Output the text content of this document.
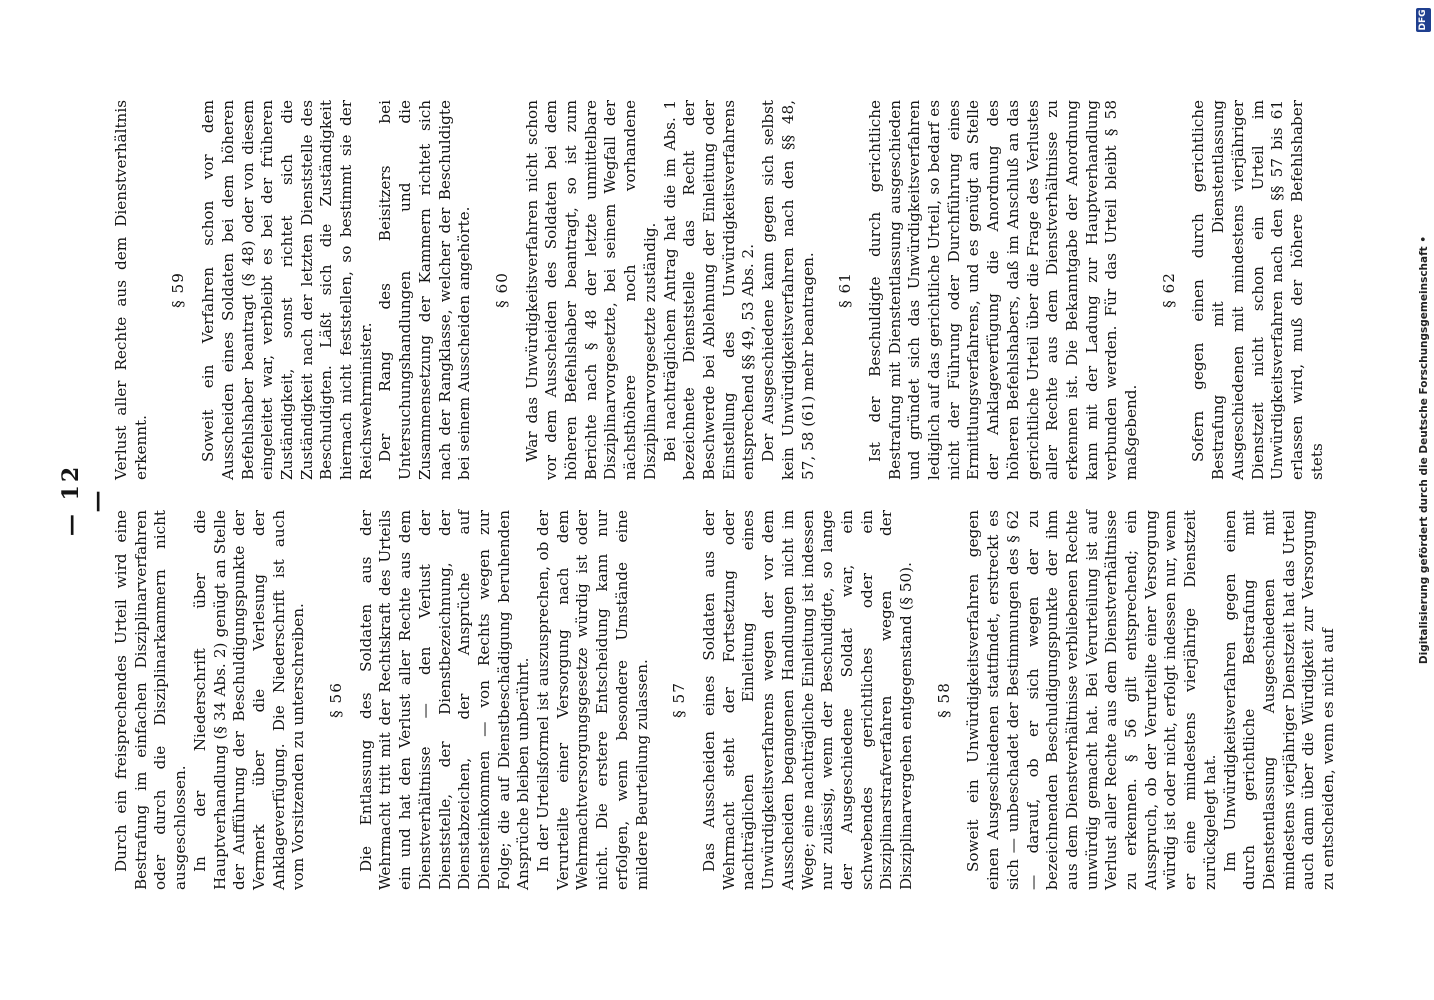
— 12 —

Durch ein freisprechendes Urteil wird eine Bestrafung im einfachen Disziplinarverfahren oder durch die Disziplinarkammern nicht ausgeschlossen. In der Niederschrift über die Hauptverhandlung (§ 34 Abs. 2) genügt an Stelle der Aufführung der Beschuldigungspunkte der Vermerk über die Verlesung der Anklageverfügung. Die Niederschrift ist auch vom Vorsitzenden zu unterschreiben. § 56 Die Entlassung des Soldaten aus der Wehrmacht tritt mit der Rechtskraft des Urteils ein und hat den Verlust aller Rechte aus dem Dienstverhältnisse — den Verlust der Dienststelle, der Dienstbezeichnung, der Dienstabzeichen, der Ansprüche auf Diensteinkommen — von Rechts wegen zur Folge; die auf Dienstbeschädigung beruhenden Ansprüche bleiben unberührt. In der Urteilsformel ist auszusprechen, ob der Verurteilte einer Versorgung nach dem Wehrmachtversorgungsgesetze würdig ist oder nicht. Die erstere Entscheidung kann nur erfolgen, wenn besondere Umstände eine mildere Beurteilung zulassen. § 57 Das Ausscheiden eines Soldaten aus der Wehrmacht steht der Fortsetzung oder nachträglichen Einleitung eines Unwürdigkeitsverfahrens wegen der vor dem Ausscheiden begangenen Handlungen nicht im Wege; eine nachträgliche Einleitung ist indessen nur zulässig, wenn der Beschuldigte, so lange der Ausgeschiedene Soldat war, ein schwebendes gerichtliches oder ein Disziplinarstrafverfahren wegen der Disziplinarvergehen entgegenstand (§ 50). § 58 Soweit ein Unwürdigkeitsverfahren gegen einen Ausgeschiedenen stattfindet, erstreckt es sich — unbeschadet der Bestimmungen des § 62 — darauf, ob er sich wegen der zu bezeichnenden Beschuldigungspunkte der ihm aus dem Dienstverhältnisse verbliebenen Rechte unwürdig gemacht hat. Bei Verurteilung ist auf Verlust aller Rechte aus dem Dienstverhältnisse zu erkennen. § 56 gilt entsprechend; ein Ausspruch, ob der Verurteilte einer Versorgung würdig ist oder nicht, erfolgt indessen nur, wenn er eine mindestens vierjährige Dienstzeit zurückgelegt hat. Im Unwürdigkeitsverfahren gegen einen durch gerichtliche Bestrafung mit Dienstentlassung Ausgeschiedenen mit mindestens vierjähriger Dienstzeit hat das Urteil auch dann über die Würdigkeit zur Versorgung zu entscheiden, wenn es nicht auf

Verlust aller Rechte aus dem Dienstverhältnis erkennt.

§ 59 Soweit ein Verfahren schon vor dem Ausscheiden eines Soldaten bei dem höheren Befehlshaber beantragt (§ 48) oder von diesem eingeleitet war, verbleibt es bei der früheren Zuständigkeit, sonst richtet sich die Zuständigkeit nach der letzten Dienststelle des Beschuldigten. Läßt sich die Zuständigkeit hiernach nicht feststellen, so bestimmt sie der Reichswehrminister. Der Rang des Beisitzers bei Untersuchungshandlungen und die Zusammensetzung der Kammern richtet sich nach der Rangklasse, welcher der Beschuldigte bei seinem Ausscheiden angehörte. § 60 War das Unwürdigkeitsverfahren nicht schon vor dem Ausscheiden des Soldaten bei dem höheren Befehlshaber beantragt, so ist zum Berichte nach § 48 der letzte unmittelbare Disziplinarvorgesetzte, bei seinem Wegfall der nächsthöhere noch vorhandene Disziplinarvorgesetzte zuständig. Bei nachträglichem Antrag hat die im Abs. 1 bezeichnete Dienststelle das Recht der Beschwerde bei Ablehnung der Einleitung oder Einstellung des Unwürdigkeitsverfahrens entsprechend §§ 49, 53 Abs. 2. Der Ausgeschiedene kann gegen sich selbst kein Unwürdigkeitsverfahren nach den §§ 48, 57, 58 (61) mehr beantragen. § 61 Ist der Beschuldigte durch gerichtliche Bestrafung mit Dienstentlassung ausgeschieden und gründet sich das Unwürdigkeitsverfahren lediglich auf das gerichtliche Urteil, so bedarf es nicht der Führung oder Durchführung eines Ermittlungsverfahrens, und es genügt an Stelle der Anklageverfügung die Anordnung des höheren Befehlshabers, daß im Anschluß an das gerichtliche Urteil über die Frage des Verlustes aller Rechte aus dem Dienstverhältnisse zu erkennen ist. Die Bekanntgabe der Anordnung kann mit der Ladung zur Hauptverhandlung verbunden werden. Für das Urteil bleibt § 58 maßgebend.

§ 62 Sofern gegen einen durch gerichtliche Bestrafung mit Dienstentlassung Ausgeschiedenen mit mindestens vierjähriger Dienstzeit nicht schon ein Urteil im Unwürdigkeitsverfahren nach den §§ 57 bis 61 erlassen wird, muß der höhere Befehlshaber stets	Digitalisierung gefördert durch die Deutsche Forschungsgemeinschaft •
DFG
